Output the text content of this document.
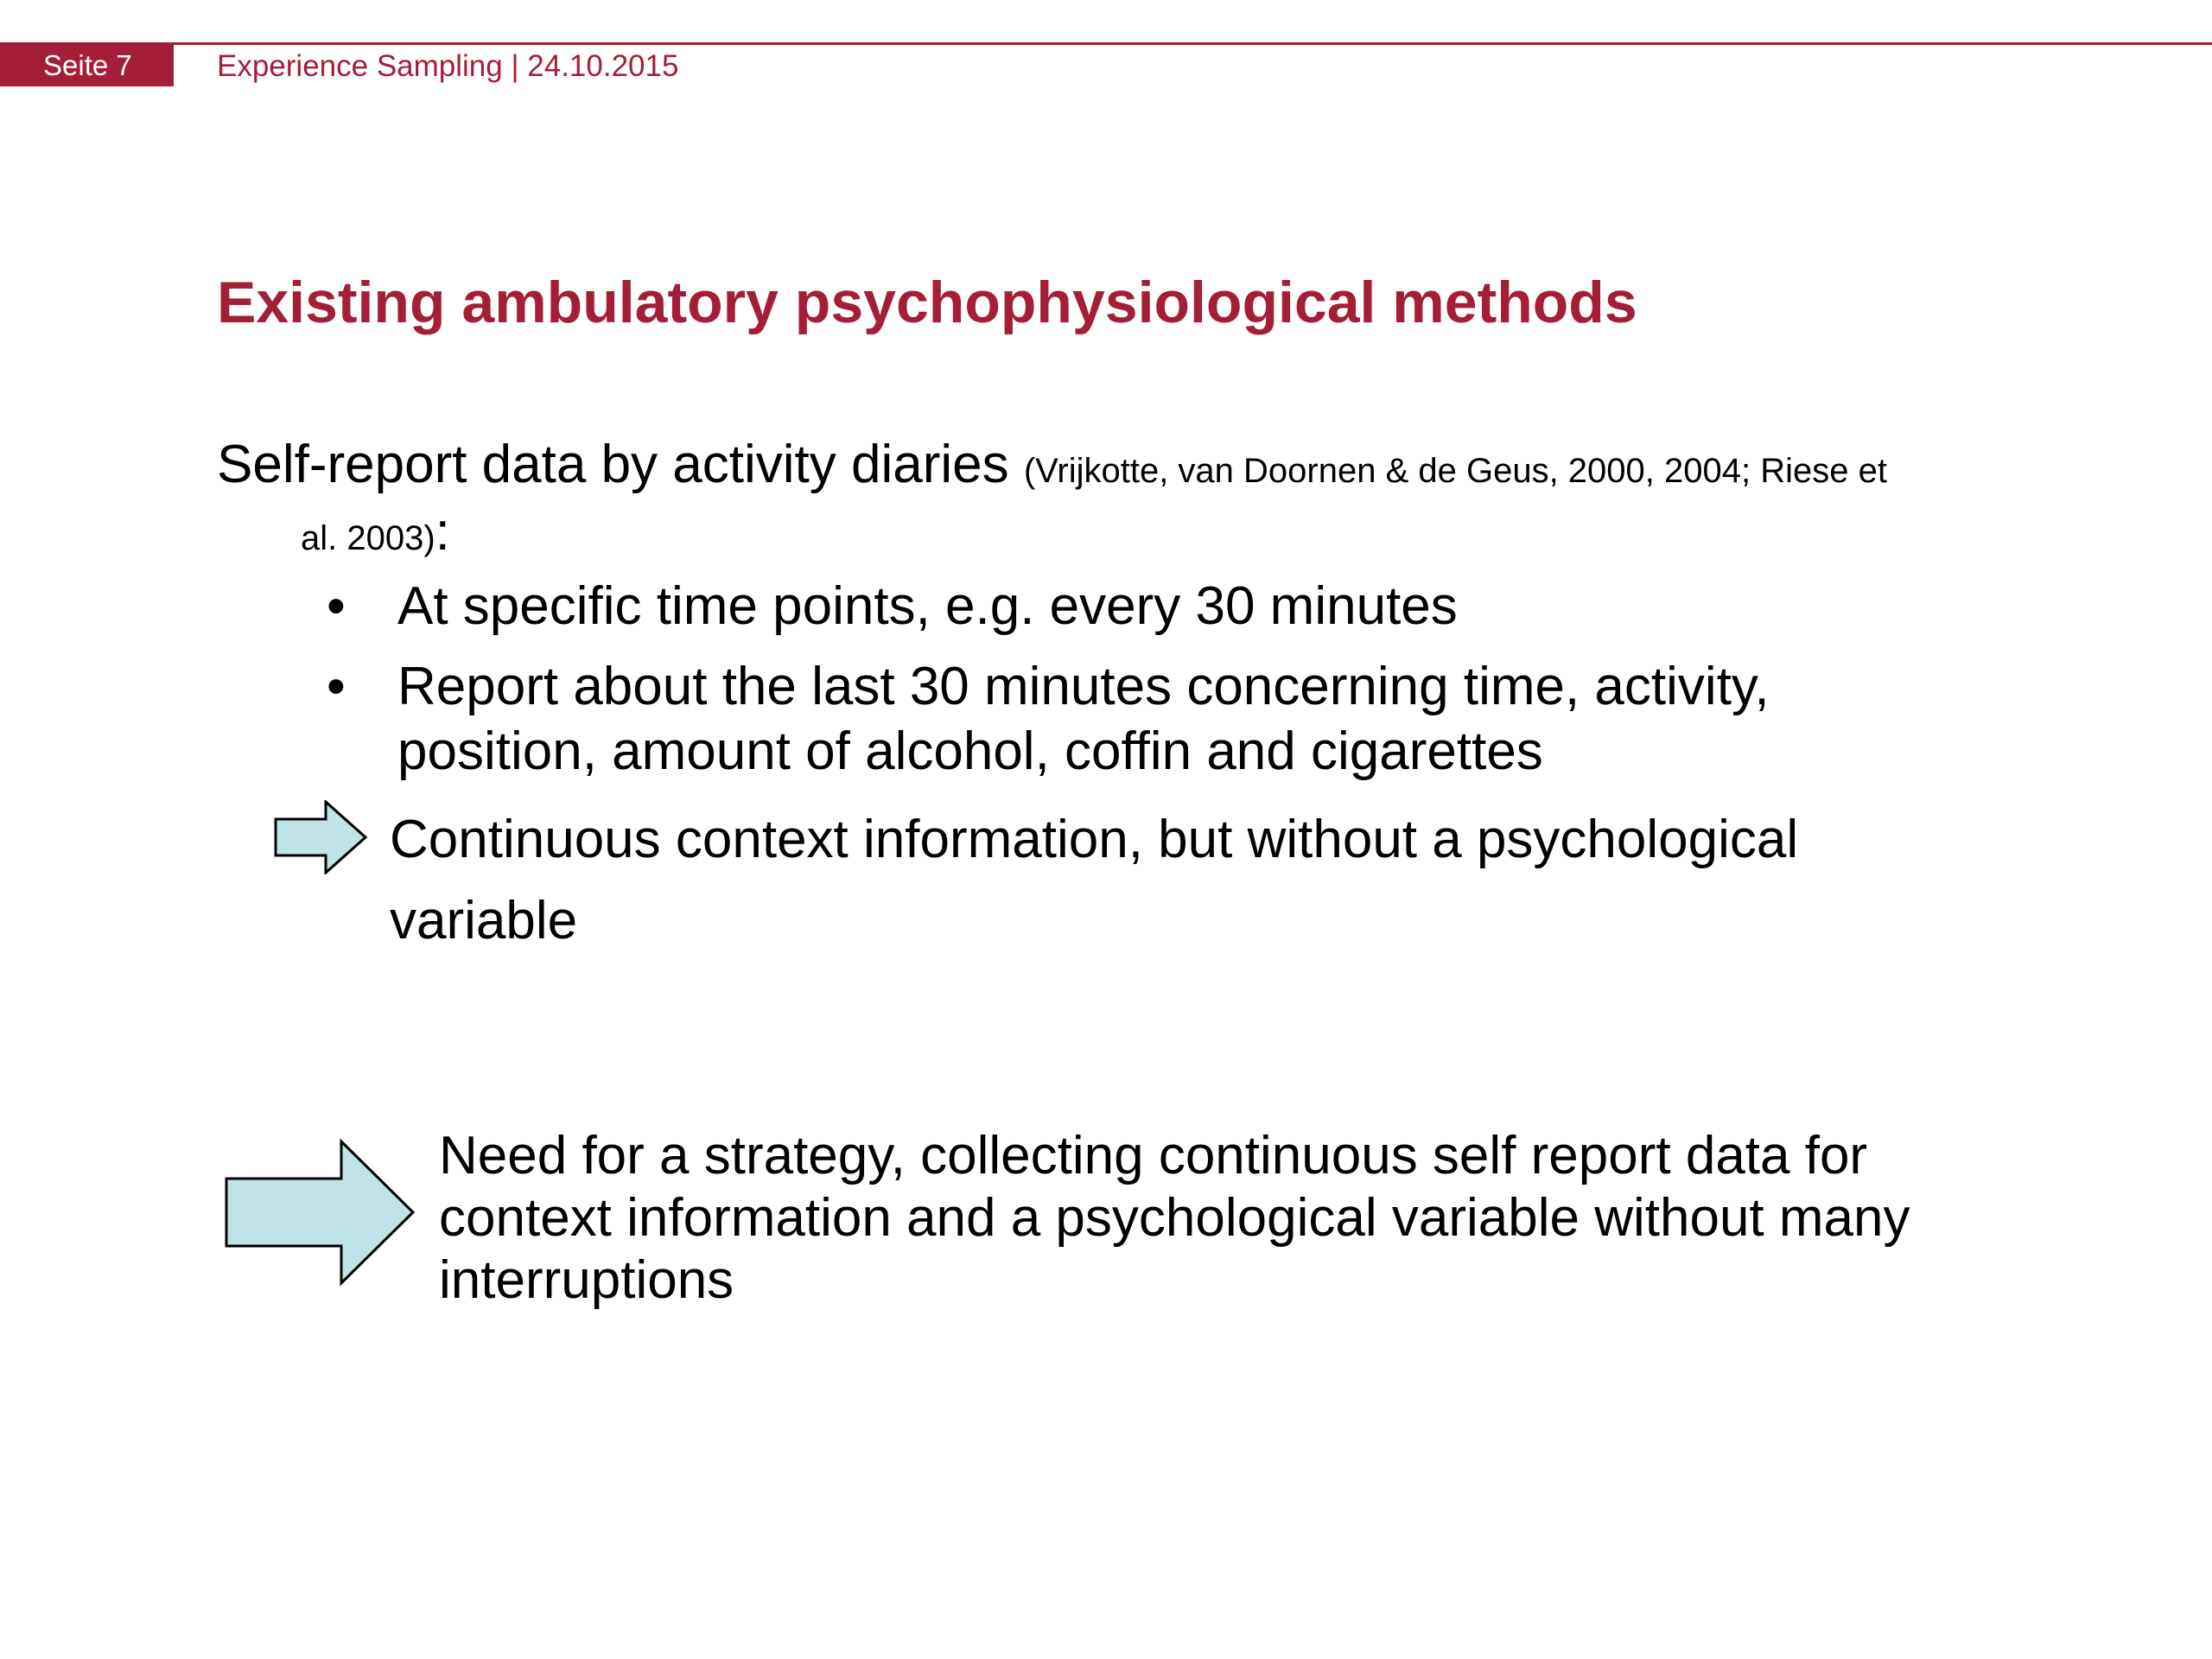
Seite 7	Experience Sampling | 24.10.2015
Existing ambulatory psychophysiological methods
Self-report data by activity diaries (Vrijkotte, van Doornen & de Geus, 2000, 2004; Riese et
al. 2003):
• At specific time points, e.g. every 30 minutes
• Report about the last 30 minutes concerning time, activity,
position, amount of alcohol, coffin and cigarettes
Continuous context information, but without a psychological
variable
Need for a strategy, collecting continuous self report data for
context information and a psychological variable without many
interruptions
